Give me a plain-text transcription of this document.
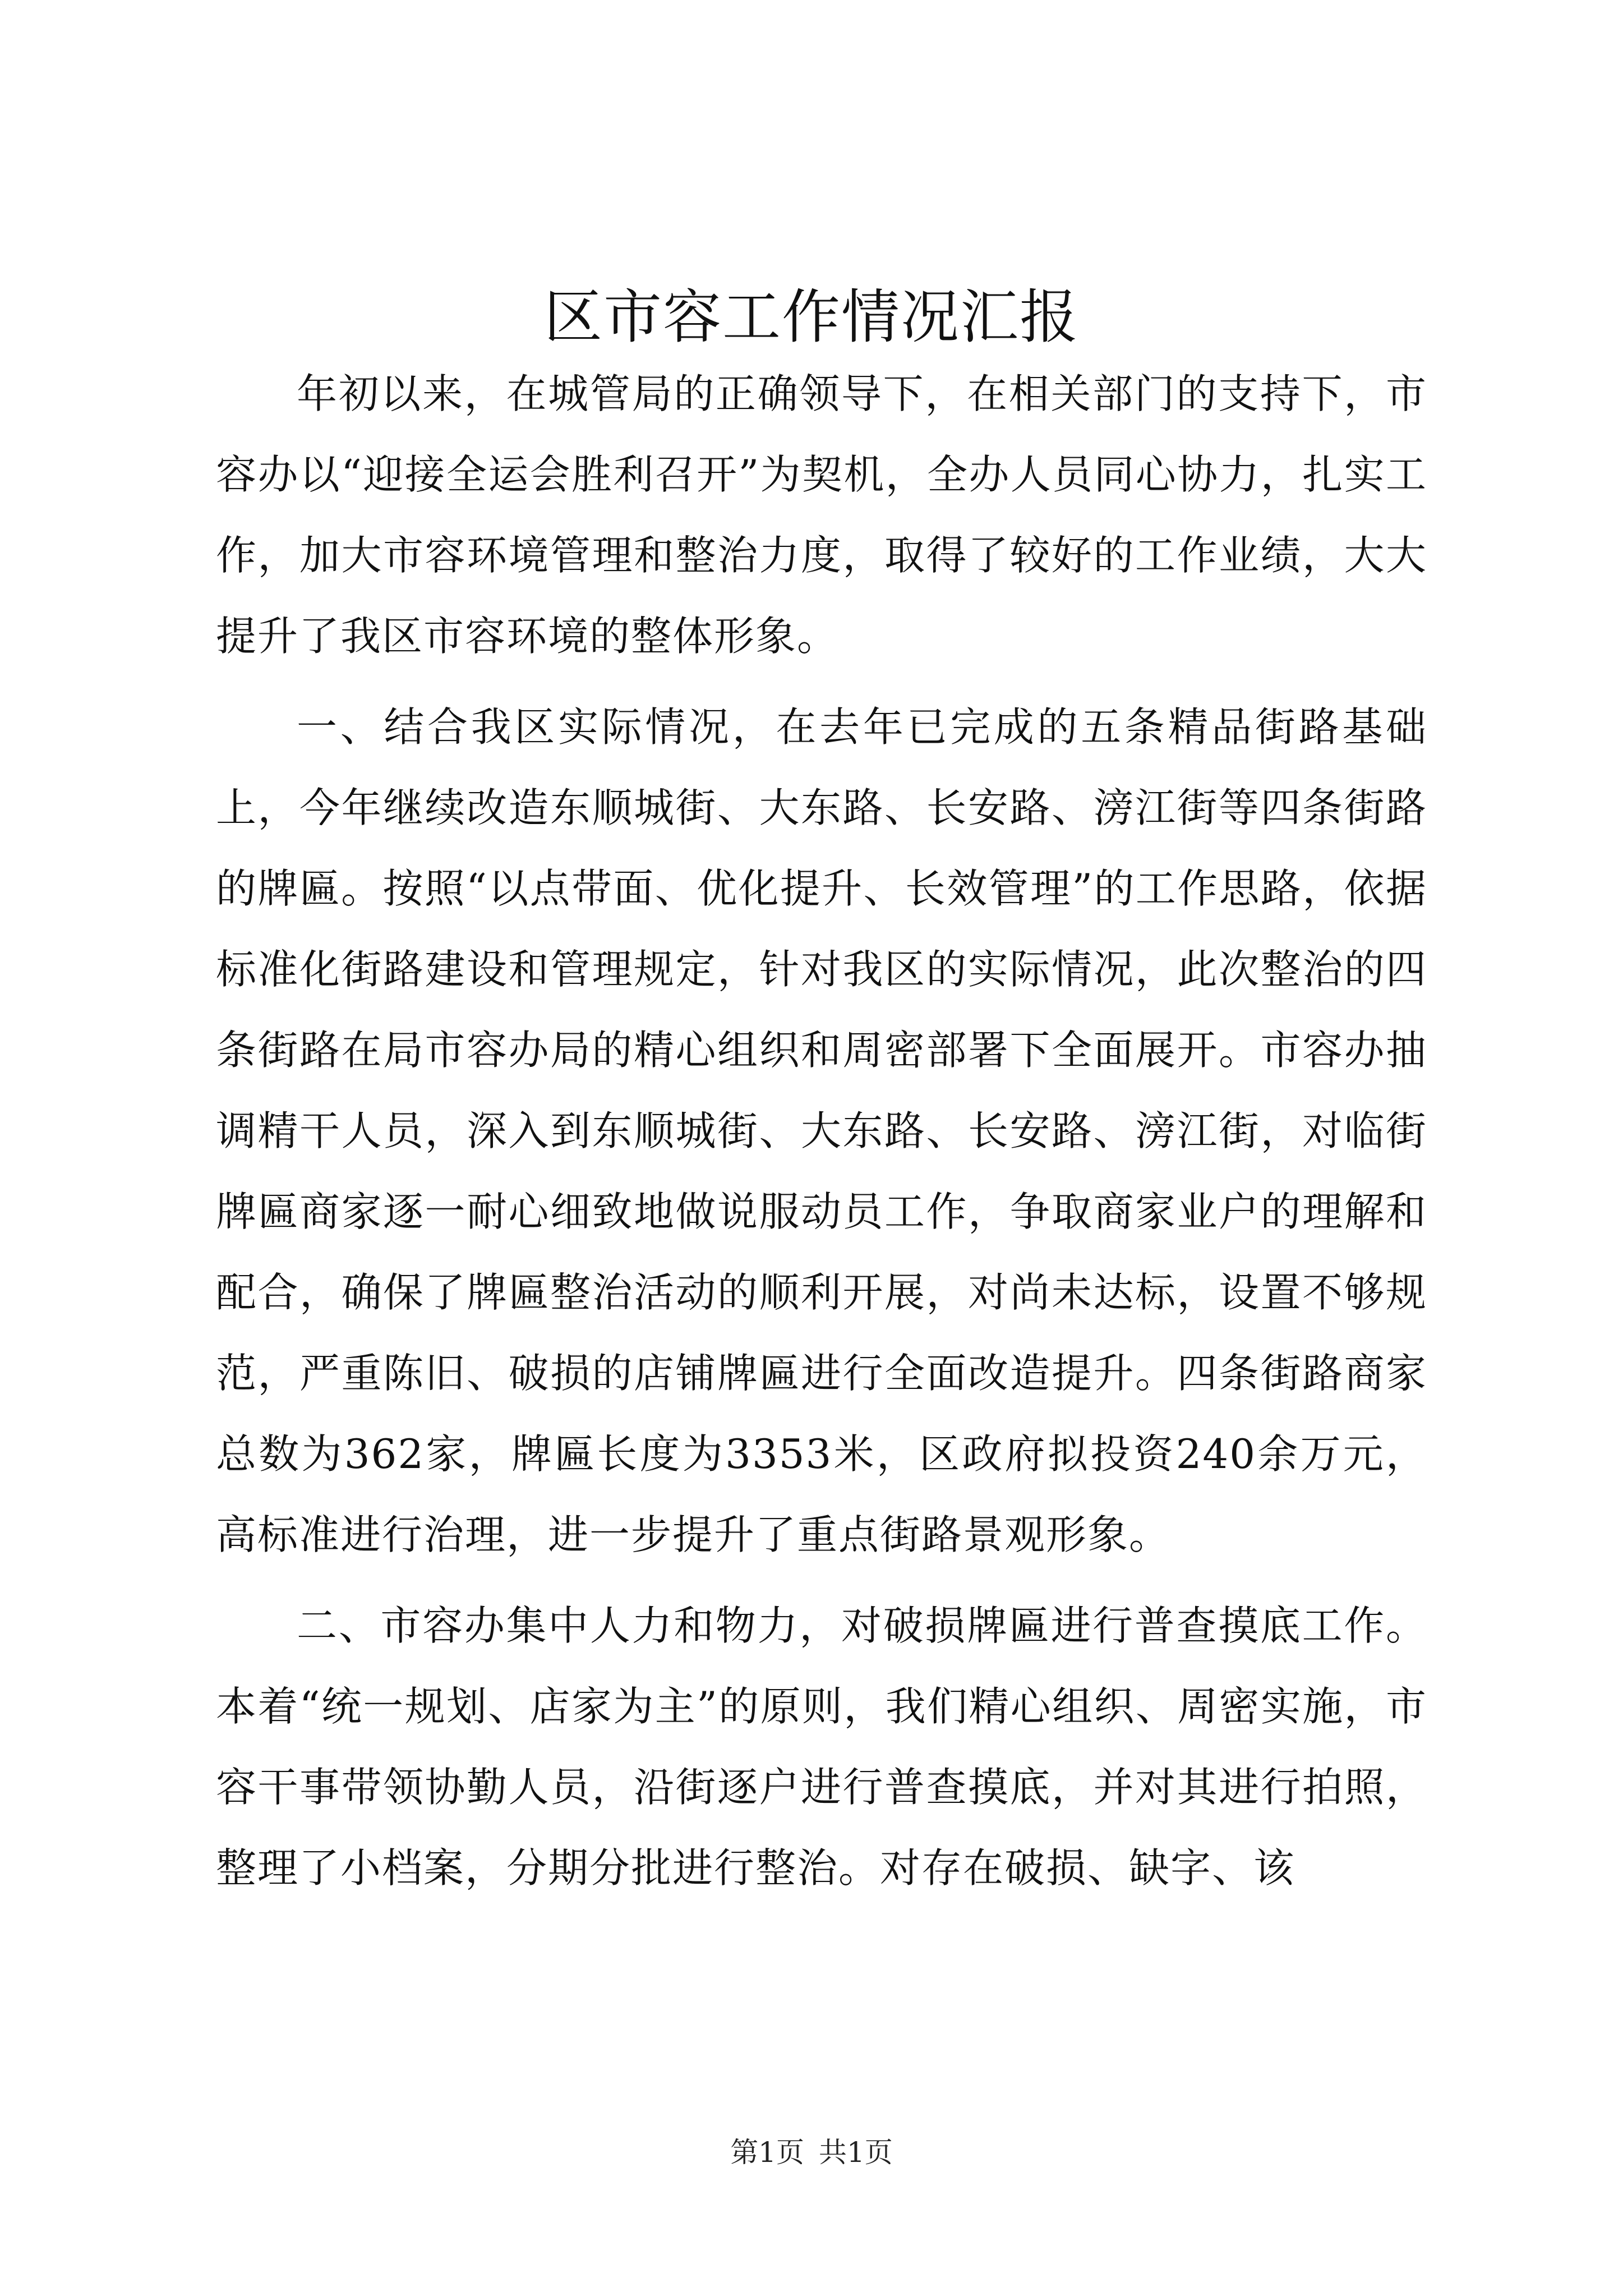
区市容工作情况汇报

年初以来，在城管局的正确领导下，在相关部门的支持下，市容办以“迎接全运会胜利召开”为契机，全办人员同心协力，扎实工作，加大市容环境管理和整治力度，取得了较好的工作业绩，大大提升了我区市容环境的整体形象。

一、结合我区实际情况，在去年已完成的五条精品街路基础上，今年继续改造东顺城街、大东路、长安路、滂江街等四条街路的牌匾。按照“以点带面、优化提升、长效管理”的工作思路，依据标准化街路建设和管理规定，针对我区的实际情况，此次整治的四条街路在局市容办局的精心组织和周密部署下全面展开。市容办抽调精干人员，深入到东顺城街、大东路、长安路、滂江街，对临街牌匾商家逐一耐心细致地做说服动员工作，争取商家业户的理解和配合，确保了牌匾整治活动的顺利开展，对尚未达标，设置不够规范，严重陈旧、破损的店铺牌匾进行全面改造提升。四条街路商家总数为362家，牌匾长度为3353米，区政府拟投资240余万元，高标准进行治理，进一步提升了重点街路景观形象。

二、市容办集中人力和物力，对破损牌匾进行普查摸底工作。本着“统一规划、店家为主”的原则，我们精心组织、周密实施，市容干事带领协勤人员，沿街逐户进行普查摸底，并对其进行拍照，整理了小档案，分期分批进行整治。对存在破损、缺字、该

第1页 共1页
